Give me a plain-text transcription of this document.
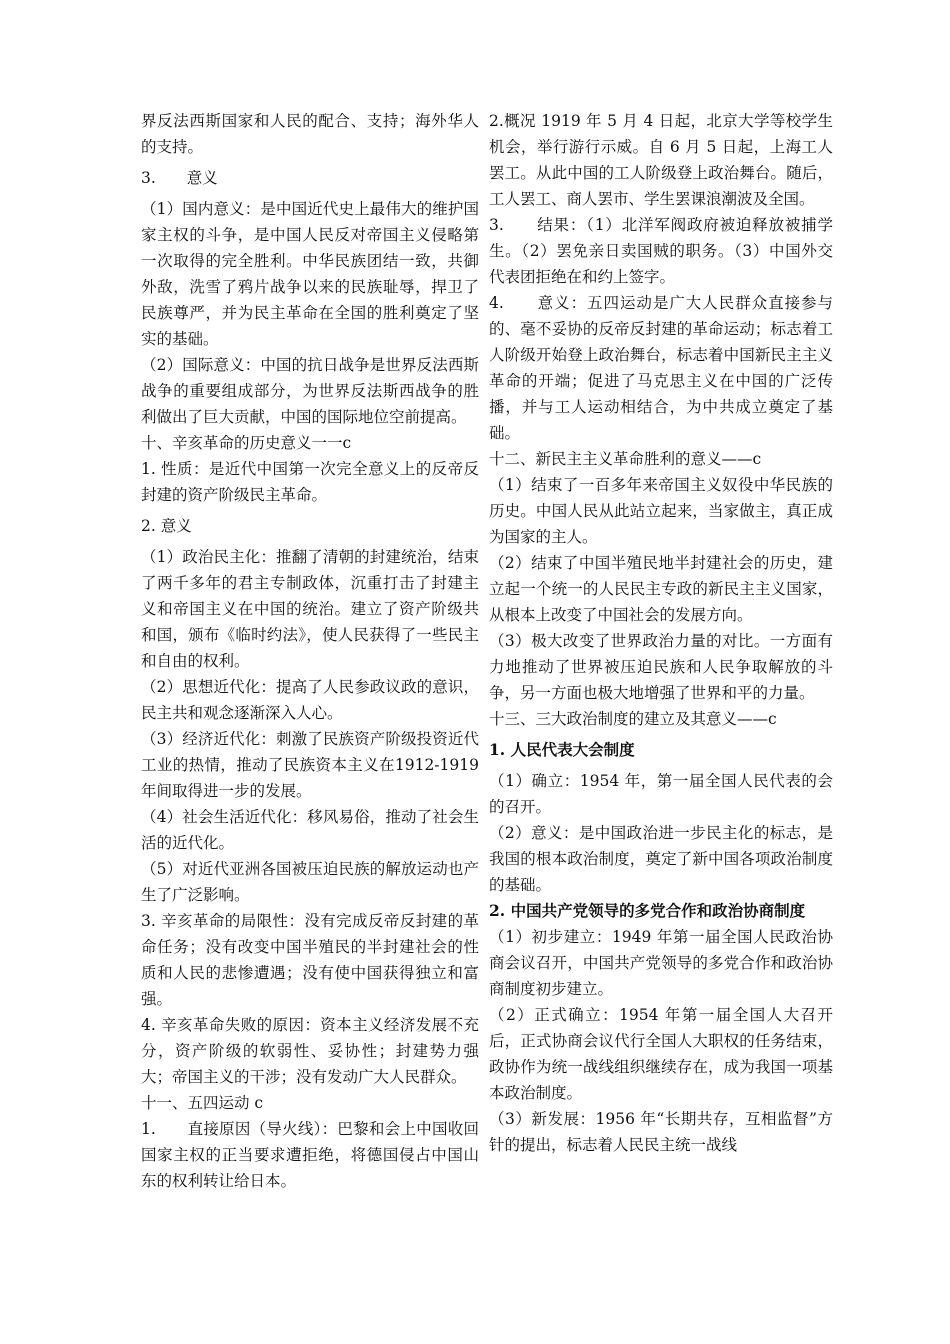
界反法西斯国家和人民的配合、支持；海外华人的支持。

3.　　意义

（1）国内意义：是中国近代史上最伟大的维护国家主权的斗争，是中国人民反对帝国主义侵略第一次取得的完全胜利。中华民族团结一致，共御外敌，洗雪了鸦片战争以来的民族耻辱，捍卫了民族尊严，并为民主革命在全国的胜利奠定了坚实的基础。

（2）国际意义：中国的抗日战争是世界反法西斯战争的重要组成部分，为世界反法斯西战争的胜利做出了巨大贡献，中国的国际地位空前提高。

十、辛亥革命的历史意义一一c

1. 性质：是近代中国第一次完全意义上的反帝反封建的资产阶级民主革命。

2. 意义

（1）政治民主化：推翻了清朝的封建统治，结束了两千多年的君主专制政体，沉重打击了封建主义和帝国主义在中国的统治。建立了资产阶级共和国，颁布《临时约法》，使人民获得了一些民主和自由的权利。

（2）思想近代化：提高了人民参政议政的意识，民主共和观念逐渐深入人心。

（3）经济近代化：刺激了民族资产阶级投资近代工业的热情，推动了民族资本主义在1912-1919年间取得进一步的发展。

（4）社会生活近代化：移风易俗，推动了社会生活的近代化。

（5）对近代亚洲各国被压迫民族的解放运动也产生了广泛影响。

3. 辛亥革命的局限性：没有完成反帝反封建的革命任务；没有改变中国半殖民的半封建社会的性质和人民的悲惨遭遇；没有使中国获得独立和富强。

4. 辛亥革命失败的原因：资本主义经济发展不充分，资产阶级的软弱性、妥协性；封建势力强大；帝国主义的干涉；没有发动广大人民群众。

十一、五四运动 c

1.　　直接原因（导火线）：巴黎和会上中国收回国家主权的正当要求遭拒绝，将德国侵占中国山东的权利转让给日本。

2.概况 1919 年 5 月 4 日起，北京大学等校学生机会，举行游行示威。自 6 月 5 日起，上海工人罢工。从此中国的工人阶级登上政治舞台。随后，工人罢工、商人罢市、学生罢课浪潮波及全国。

3.　　结果：（1）北洋军阀政府被迫释放被捕学生。（2）罢免亲日卖国贼的职务。（3）中国外交代表团拒绝在和约上签字。

4.　　意义：五四运动是广大人民群众直接参与的、毫不妥协的反帝反封建的革命运动；标志着工人阶级开始登上政治舞台，标志着中国新民主主义革命的开端；促进了马克思主义在中国的广泛传播，并与工人运动相结合，为中共成立奠定了基础。

十二、新民主主义革命胜利的意义——c

（1）结束了一百多年来帝国主义奴役中华民族的历史。中国人民从此站立起来，当家做主，真正成为国家的主人。

（2）结束了中国半殖民地半封建社会的历史，建立起一个统一的人民民主专政的新民主主义国家，从根本上改变了中国社会的发展方向。

（3）极大改变了世界政治力量的对比。一方面有力地推动了世界被压迫民族和人民争取解放的斗争，另一方面也极大地增强了世界和平的力量。

十三、三大政治制度的建立及其意义——c

1. 人民代表大会制度

（1）确立：1954 年，第一届全国人民代表的会的召开。

（2）意义：是中国政治进一步民主化的标志，是我国的根本政治制度，奠定了新中国各项政治制度的基础。

2. 中国共产党领导的多党合作和政治协商制度

（1）初步建立：1949 年第一届全国人民政治协商会议召开，中国共产党领导的多党合作和政治协商制度初步建立。

（2）正式确立：1954 年第一届全国人大召开后，正式协商会议代行全国人大职权的任务结束，政协作为统一战线组织继续存在，成为我国一项基本政治制度。

（3）新发展：1956 年“长期共存，互相监督”方针的提出，标志着人民民主统一战线
